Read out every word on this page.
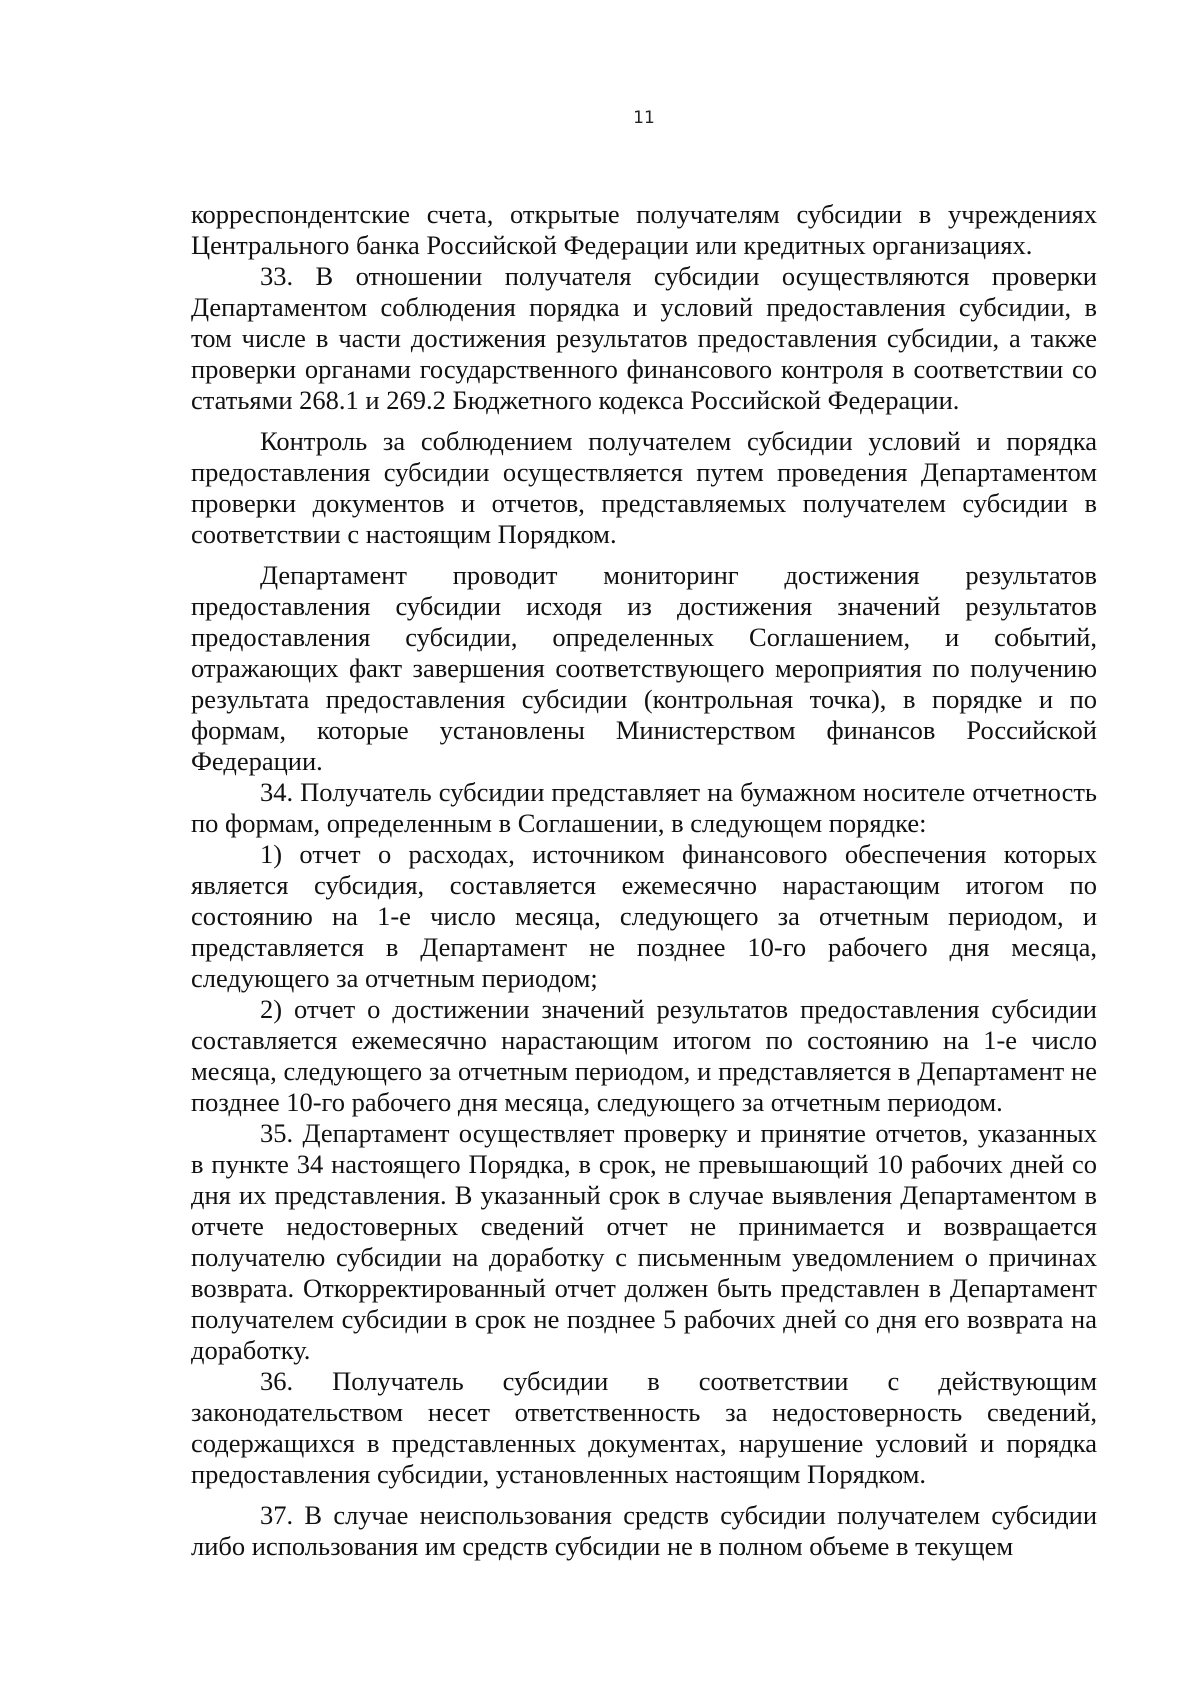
11

корреспондентские счета, открытые получателям субсидии в учреждениях Центрального банка Российской Федерации или кредитных организациях.

33. В отношении получателя субсидии осуществляются проверки Департаментом соблюдения порядка и условий предоставления субсидии, в том числе в части достижения результатов предоставления субсидии, а также проверки органами государственного финансового контроля в соответствии со статьями 268.1 и 269.2 Бюджетного кодекса Российской Федерации.

Контроль за соблюдением получателем субсидии условий и порядка предоставления субсидии осуществляется путем проведения Департаментом проверки документов и отчетов, представляемых получателем субсидии в соответствии с настоящим Порядком.

Департамент проводит мониторинг достижения результатов предоставления субсидии исходя из достижения значений результатов предоставления субсидии, определенных Соглашением, и событий, отражающих факт завершения соответствующего мероприятия по получению результата предоставления субсидии (контрольная точка), в порядке и по формам, которые установлены Министерством финансов Российской Федерации.

34. Получатель субсидии представляет на бумажном носителе отчетность по формам, определенным в Соглашении, в следующем порядке:

1) отчет о расходах, источником финансового обеспечения которых является субсидия, составляется ежемесячно нарастающим итогом по состоянию на 1-е число месяца, следующего за отчетным периодом, и представляется в Департамент не позднее 10-го рабочего дня месяца, следующего за отчетным периодом;

2) отчет о достижении значений результатов предоставления субсидии составляется ежемесячно нарастающим итогом по состоянию на 1-е число месяца, следующего за отчетным периодом, и представляется в Департамент не позднее 10-го рабочего дня месяца, следующего за отчетным периодом.

35. Департамент осуществляет проверку и принятие отчетов, указанных в пункте 34 настоящего Порядка, в срок, не превышающий 10 рабочих дней со дня их представления. В указанный срок в случае выявления Департаментом в отчете недостоверных сведений отчет не принимается и возвращается получателю субсидии на доработку с письменным уведомлением о причинах возврата. Откорректированный отчет должен быть представлен в Департамент получателем субсидии в срок не позднее 5 рабочих дней со дня его возврата на доработку.

36. Получатель субсидии в соответствии с действующим законодательством несет ответственность за недостоверность сведений, содержащихся в представленных документах, нарушение условий и порядка предоставления субсидии, установленных настоящим Порядком.

37. В случае неиспользования средств субсидии получателем субсидии либо использования им средств субсидии не в полном объеме в текущем
